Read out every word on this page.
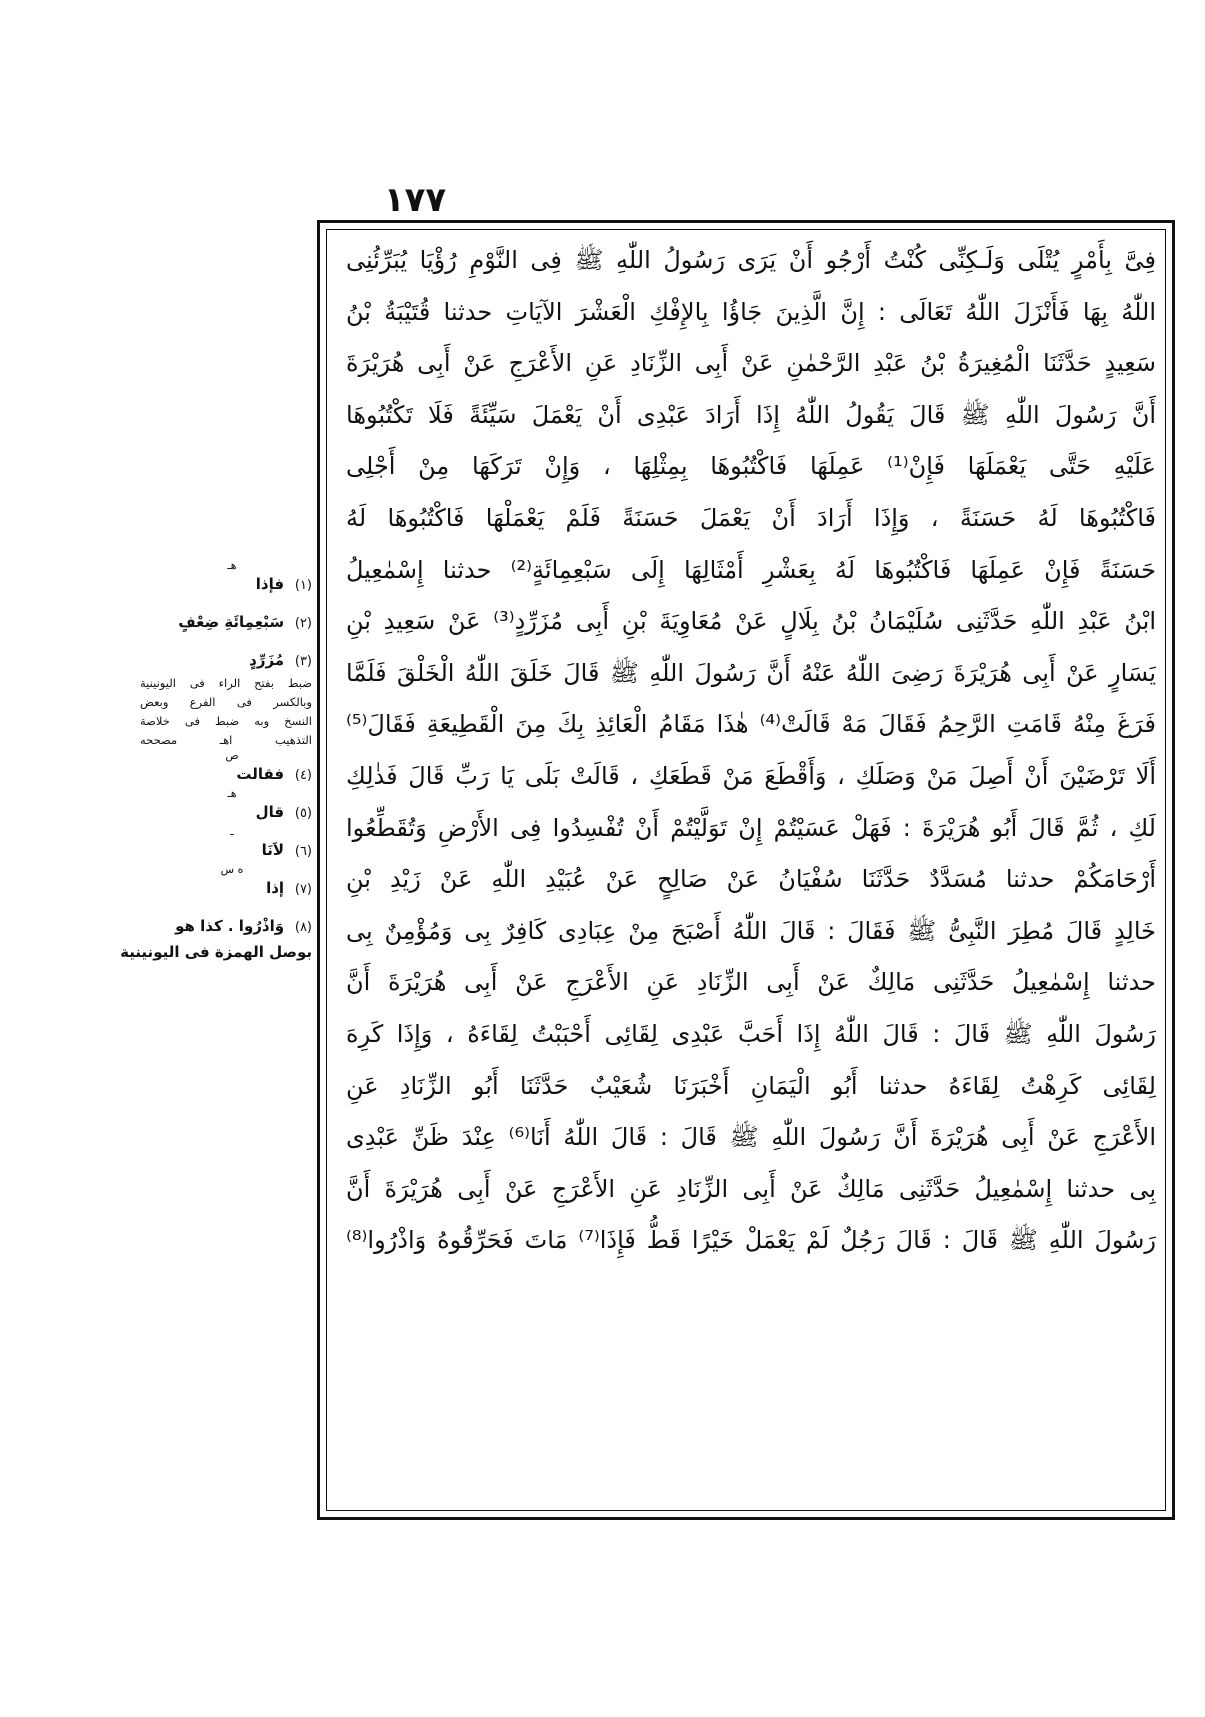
١٧٧
فِىَّ بِأَمْرٍ يُتْلَى وَلَـكِنِّى كُنْتُ أَرْجُو أَنْ يَرَى رَسُولُ اللّٰهِ ﷺ فِى النَّوْمِ رُؤْيَا يُبَرِّئُنِى
اللّٰهُ بِهَا فَأَنْزَلَ اللّٰهُ تَعَالَى : إِنَّ الَّذِينَ جَاؤُا بِالإِفْكِ الْعَشْرَ الآيَاتِ حدثنا قُتَيْبَةُ بْنُ
سَعِيدٍ حَدَّثَنَا الْمُغِيرَةُ بْنُ عَبْدِ الرَّحْمٰنِ عَنْ أَبِى الزِّنَادِ عَنِ الأَعْرَجِ عَنْ أَبِى هُرَيْرَةَ
أَنَّ رَسُولَ اللّٰهِ ﷺ قَالَ يَقُولُ اللّٰهُ إِذَا أَرَادَ عَبْدِى أَنْ يَعْمَلَ سَيِّئَةً فَلَا تَكْتُبُوهَا
عَلَيْهِ حَتَّى يَعْمَلَهَا فَإِنْ⁽¹⁾ عَمِلَهَا فَاكْتُبُوهَا بِمِثْلِهَا ، وَإِنْ تَرَكَهَا مِنْ أَجْلِى
فَاكْتُبُوهَا لَهُ حَسَنَةً ، وَإِذَا أَرَادَ أَنْ يَعْمَلَ حَسَنَةً فَلَمْ يَعْمَلْهَا فَاكْتُبُوهَا لَهُ
حَسَنَةً فَإِنْ عَمِلَهَا فَاكْتُبُوهَا لَهُ بِعَشْرِ أَمْثَالِهَا إِلَى سَبْعِمِائَةٍ⁽²⁾ حدثنا إِسْمٰعِيلُ
ابْنُ عَبْدِ اللّٰهِ حَدَّثَنِى سُلَيْمَانُ بْنُ بِلَالٍ عَنْ مُعَاوِيَةَ بْنِ أَبِى مُزَرِّدٍ⁽³⁾ عَنْ سَعِيدِ بْنِ
يَسَارٍ عَنْ أَبِى هُرَيْرَةَ رَضِىَ اللّٰهُ عَنْهُ أَنَّ رَسُولَ اللّٰهِ ﷺ قَالَ خَلَقَ اللّٰهُ الْخَلْقَ فَلَمَّا
فَرَغَ مِنْهُ قَامَتِ الرَّحِمُ فَقَالَ مَهْ قَالَتْ⁽⁴⁾ هٰذَا مَقَامُ الْعَائِذِ بِكَ مِنَ الْقَطِيعَةِ فَقَالَ⁽⁵⁾
أَلَا تَرْضَيْنَ أَنْ أَصِلَ مَنْ وَصَلَكِ ، وَأَقْطَعَ مَنْ قَطَعَكِ ، قَالَتْ بَلَى يَا رَبِّ قَالَ فَذٰلِكِ
لَكِ ، ثُمَّ قَالَ أَبُو هُرَيْرَةَ : فَهَلْ عَسَيْتُمْ إِنْ تَوَلَّيْتُمْ أَنْ تُفْسِدُوا فِى الأَرْضِ وَتُقَطِّعُوا
أَرْحَامَكُمْ حدثنا مُسَدَّدٌ حَدَّثَنَا سُفْيَانُ عَنْ صَالِحٍ عَنْ عُبَيْدِ اللّٰهِ عَنْ زَيْدِ بْنِ
خَالِدٍ قَالَ مُطِرَ النَّبِىُّ ﷺ فَقَالَ : قَالَ اللّٰهُ أَصْبَحَ مِنْ عِبَادِى كَافِرٌ بِى وَمُؤْمِنٌ بِى
حدثنا إِسْمٰعِيلُ حَدَّثَنِى مَالِكٌ عَنْ أَبِى الزِّنَادِ عَنِ الأَعْرَجِ عَنْ أَبِى هُرَيْرَةَ أَنَّ
رَسُولَ اللّٰهِ ﷺ قَالَ : قَالَ اللّٰهُ إِذَا أَحَبَّ عَبْدِى لِقَائِى أَحْبَبْتُ لِقَاءَهُ ، وَإِذَا كَرِهَ
لِقَائِى كَرِهْتُ لِقَاءَهُ حدثنا أَبُو الْيَمَانِ أَخْبَرَنَا شُعَيْبٌ حَدَّثَنَا أَبُو الزِّنَادِ عَنِ
الأَعْرَجِ عَنْ أَبِى هُرَيْرَةَ أَنَّ رَسُولَ اللّٰهِ ﷺ قَالَ : قَالَ اللّٰهُ أَنَا⁽⁶⁾ عِنْدَ ظَنِّ عَبْدِى
بِى حدثنا إِسْمٰعِيلُ حَدَّثَنِى مَالِكٌ عَنْ أَبِى الزِّنَادِ عَنِ الأَعْرَجِ عَنْ أَبِى هُرَيْرَةَ أَنَّ
رَسُولَ اللّٰهِ ﷺ قَالَ : قَالَ رَجُلٌ لَمْ يَعْمَلْ خَيْرًا قَطُّ فَإِذَا⁽⁷⁾ مَاتَ فَحَرِّقُوهُ وَاذْرُوا⁽⁸⁾
هـ
(١) فإذا
(٢) سَبْعِمِائَةِ ضِعْفٍ
(٣) مُزَرِّدٍ
ضبط بفتح الراء فى اليونينية
وبالكسر فى الفرع وبعض
النسخ وبه ضبط فى خلاصة
التذهيب اهـ مصححه
ص
(٤) فقالت
هـ
(٥) قال
ـ
(٦) لاَنَا
ه س
(٧) إذا
(٨) وَاذْرُوا . كذا هو
بوصل الهمزة فى اليونينية
